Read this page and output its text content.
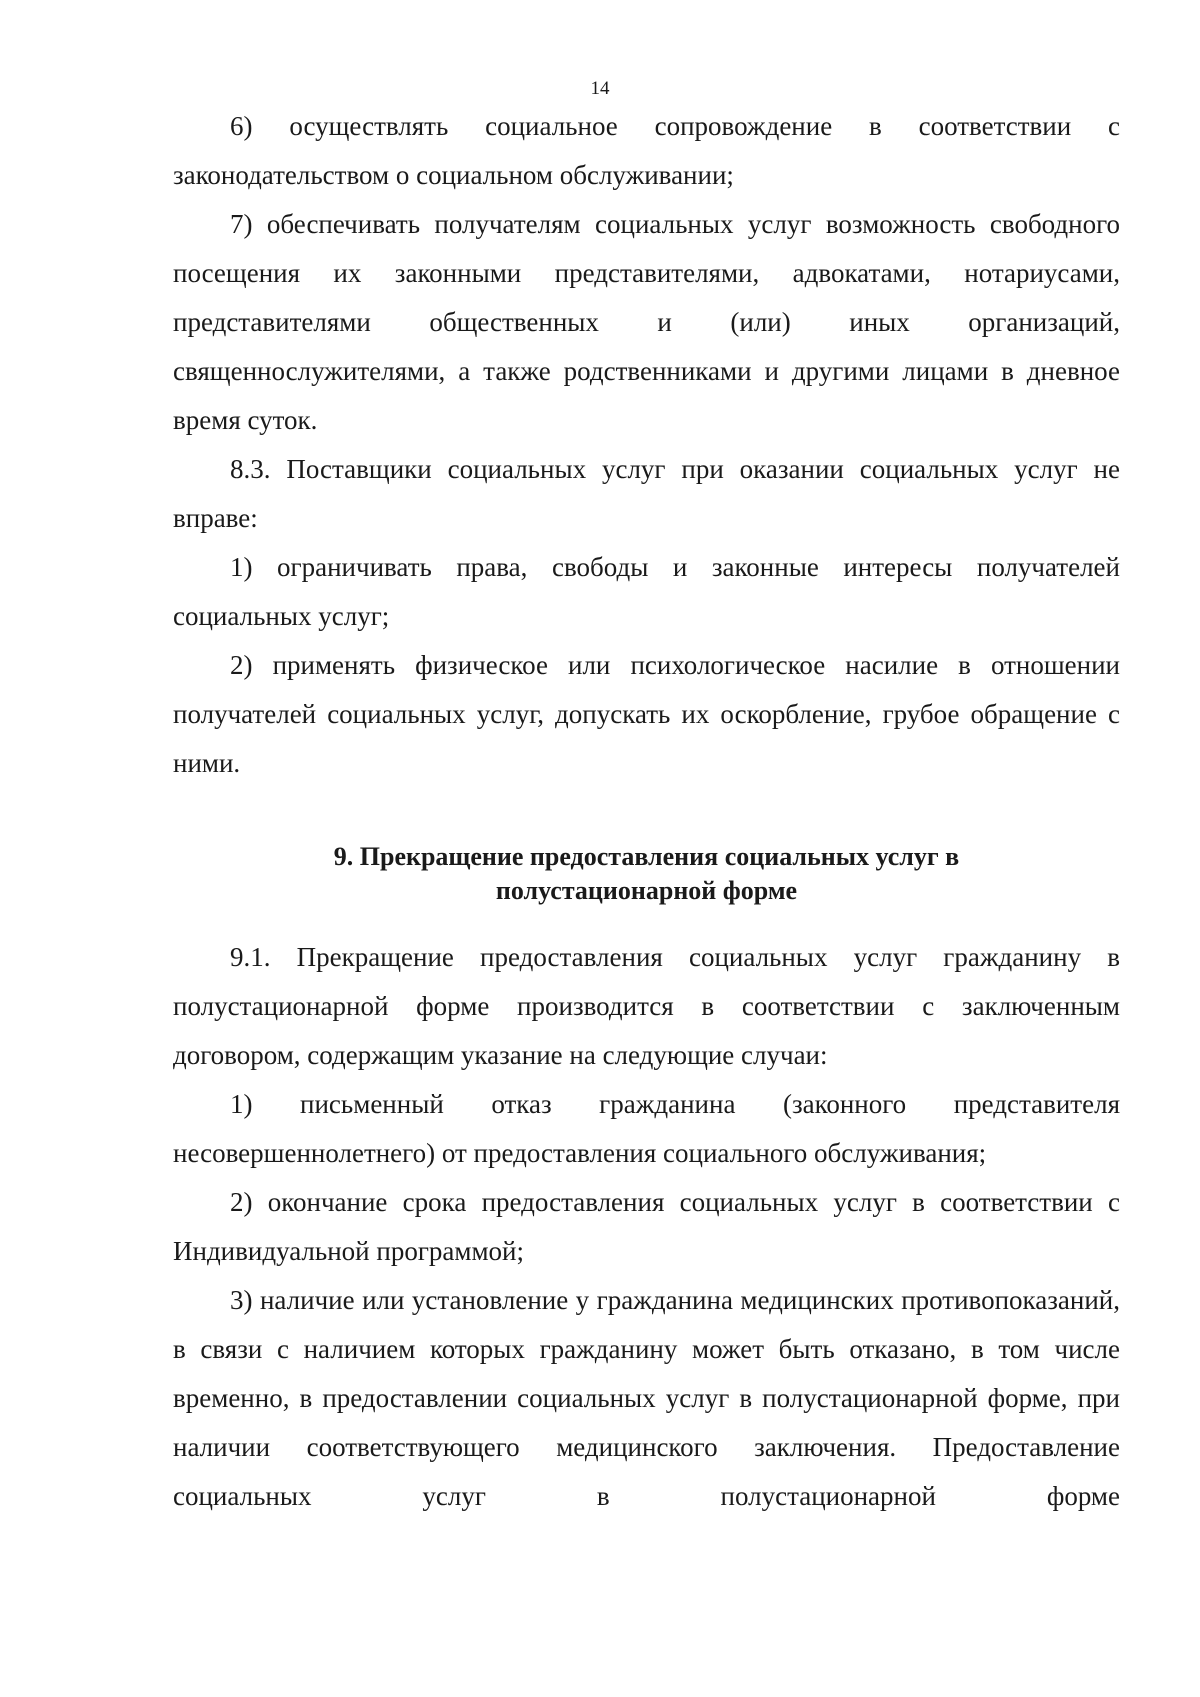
14

6) осуществлять социальное сопровождение в соответствии с законодательством о социальном обслуживании;

7) обеспечивать получателям социальных услуг возможность свободного посещения их законными представителями, адвокатами, нотариусами, представителями общественных и (или) иных организаций, священнослужителями, а также родственниками и другими лицами в дневное время суток.

8.3. Поставщики социальных услуг при оказании социальных услуг не вправе:

1) ограничивать права, свободы и законные интересы получателей социальных услуг;

2) применять физическое или психологическое насилие в отношении получателей социальных услуг, допускать их оскорбление, грубое обращение с ними.

9. Прекращение предоставления социальных услуг в
полустационарной форме

9.1. Прекращение предоставления социальных услуг гражданину в полустационарной форме производится в соответствии с заключенным договором, содержащим указание на следующие случаи:

1) письменный отказ гражданина (законного представителя несовершеннолетнего) от предоставления социального обслуживания;

2) окончание срока предоставления социальных услуг в соответствии с Индивидуальной программой;

3) наличие или установление у гражданина медицинских противопоказаний, в связи с наличием которых гражданину может быть отказано, в том числе временно, в предоставлении социальных услуг в полустационарной форме, при наличии соответствующего медицинского заключения. Предоставление социальных услуг в полустационарной форме
